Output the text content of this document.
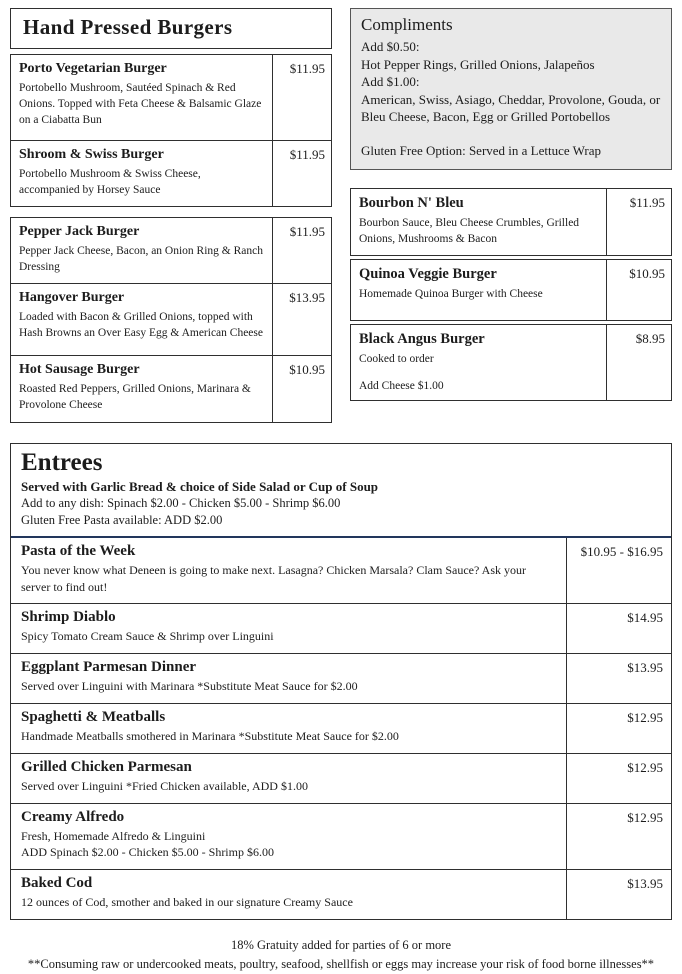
Hand Pressed Burgers
Porto Vegetarian Burger
Portobello Mushroom, Sautéed Spinach & Red Onions. Topped with Feta Cheese & Balsamic Glaze on a Ciabatta Bun
$11.95
Shroom & Swiss Burger
Portobello Mushroom & Swiss Cheese, accompanied by Horsey Sauce
$11.95
Pepper Jack Burger
Pepper Jack Cheese, Bacon, an Onion Ring & Ranch Dressing
$11.95
Hangover Burger
Loaded with Bacon & Grilled Onions, topped with Hash Browns an Over Easy Egg & American Cheese
$13.95
Hot Sausage Burger
Roasted Red Peppers, Grilled Onions, Marinara & Provolone Cheese
$10.95
Compliments
Add $0.50:
Hot Pepper Rings, Grilled Onions, Jalapeños
Add $1.00:
American, Swiss, Asiago, Cheddar, Provolone, Gouda, or Bleu Cheese, Bacon, Egg or Grilled Portobellos
Gluten Free Option: Served in a Lettuce Wrap
Bourbon N' Bleu
Bourbon Sauce, Bleu Cheese Crumbles, Grilled Onions, Mushrooms & Bacon
$11.95
Quinoa Veggie Burger
Homemade Quinoa Burger with Cheese
$10.95
Black Angus Burger
Cooked to order
Add Cheese $1.00
$8.95
Entrees
Served with Garlic Bread & choice of Side Salad or Cup of Soup
Add to any dish: Spinach $2.00 - Chicken $5.00 - Shrimp $6.00
Gluten Free Pasta available: ADD $2.00
Pasta of the Week
You never know what Deneen is going to make next. Lasagna? Chicken Marsala? Clam Sauce? Ask your server to find out!
$10.95 - $16.95
Shrimp Diablo
Spicy Tomato Cream Sauce & Shrimp over Linguini
$14.95
Eggplant Parmesan Dinner
Served over Linguini with Marinara *Substitute Meat Sauce for $2.00
$13.95
Spaghetti & Meatballs
Handmade Meatballs smothered in Marinara *Substitute Meat Sauce for $2.00
$12.95
Grilled Chicken Parmesan
Served over Linguini *Fried Chicken available, ADD $1.00
$12.95
Creamy Alfredo
Fresh, Homemade Alfredo & Linguini
ADD Spinach $2.00 - Chicken $5.00 - Shrimp $6.00
$12.95
Baked Cod
12 ounces of Cod, smother and baked in our signature Creamy Sauce
$13.95
18% Gratuity added for parties of 6 or more
**Consuming raw or undercooked meats, poultry, seafood, shellfish or eggs may increase your risk of food borne illnesses**
